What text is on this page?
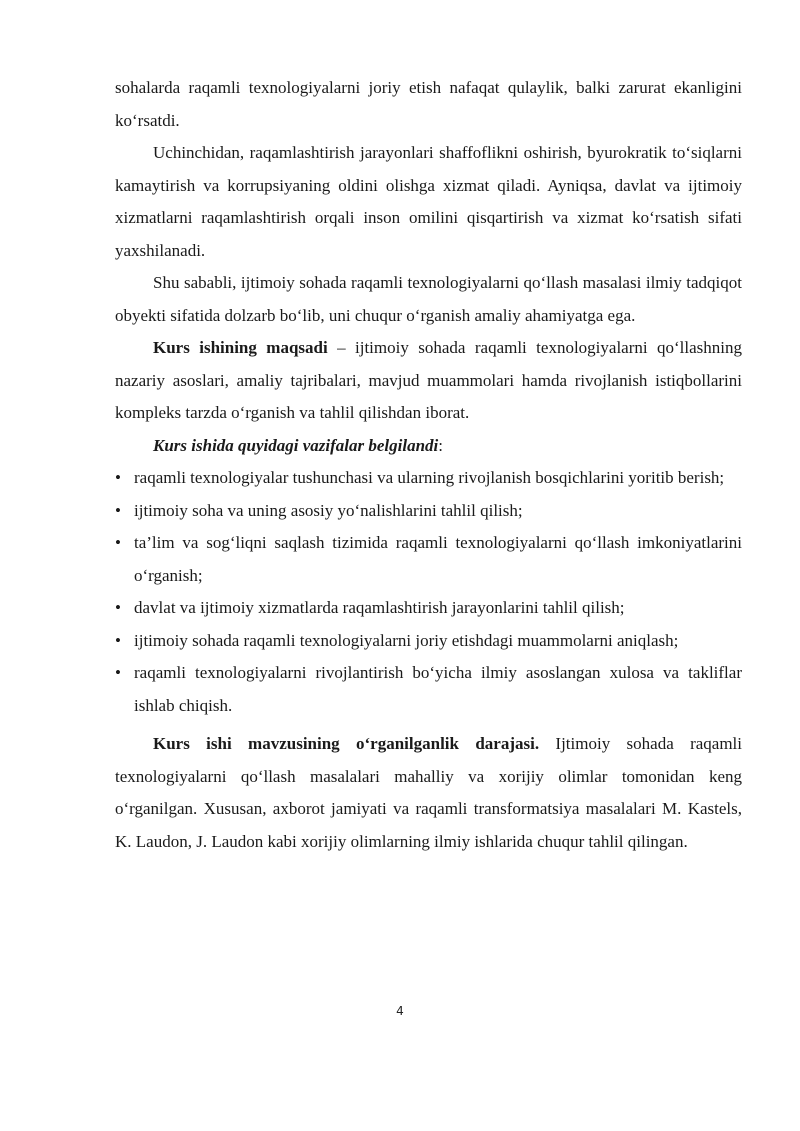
sohalarda raqamli texnologiyalarni joriy etish nafaqat qulaylik, balki zarurat ekanligini ko‘rsatdi.

Uchinchidan, raqamlashtirish jarayonlari shaffoflikni oshirish, byurokratik to‘siqlarni kamaytirish va korrupsiyaning oldini olishga xizmat qiladi. Ayniqsa, davlat va ijtimoiy xizmatlarni raqamlashtirish orqali inson omilini qisqartirish va xizmat ko‘rsatish sifati yaxshilanadi.

Shu sababli, ijtimoiy sohada raqamli texnologiyalarni qo‘llash masalasi ilmiy tadqiqot obyekti sifatida dolzarb bo‘lib, uni chuqur o‘rganish amaliy ahamiyatga ega.

Kurs ishining maqsadi – ijtimoiy sohada raqamli texnologiyalarni qo‘llashning nazariy asoslari, amaliy tajribalari, mavjud muammolari hamda rivojlanish istiqbollarini kompleks tarzda o‘rganish va tahlil qilishdan iborat.

Kurs ishida quyidagi vazifalar belgilandi:

• raqamli texnologiyalar tushunchasi va ularning rivojlanish bosqichlarini yoritib berish;
• ijtimoiy soha va uning asosiy yo‘nalishlarini tahlil qilish;
• ta’lim va sog‘liqni saqlash tizimida raqamli texnologiyalarni qo‘llash imkoniyatlarini o‘rganish;
• davlat va ijtimoiy xizmatlarda raqamlashtirish jarayonlarini tahlil qilish;
• ijtimoiy sohada raqamli texnologiyalarni joriy etishdagi muammolarni aniqlash;
• raqamli texnologiyalarni rivojlantirish bo‘yicha ilmiy asoslangan xulosa va takliflar ishlab chiqish.

Kurs ishi mavzusining o‘rganilganlik darajasi. Ijtimoiy sohada raqamli texnologiyalarni qo‘llash masalalari mahalliy va xorijiy olimlar tomonidan keng o‘rganilgan. Xususan, axborot jamiyati va raqamli transformatsiya masalalari M. Kastels, K. Laudon, J. Laudon kabi xorijiy olimlarning ilmiy ishlarida chuqur tahlil qilingan.

4
